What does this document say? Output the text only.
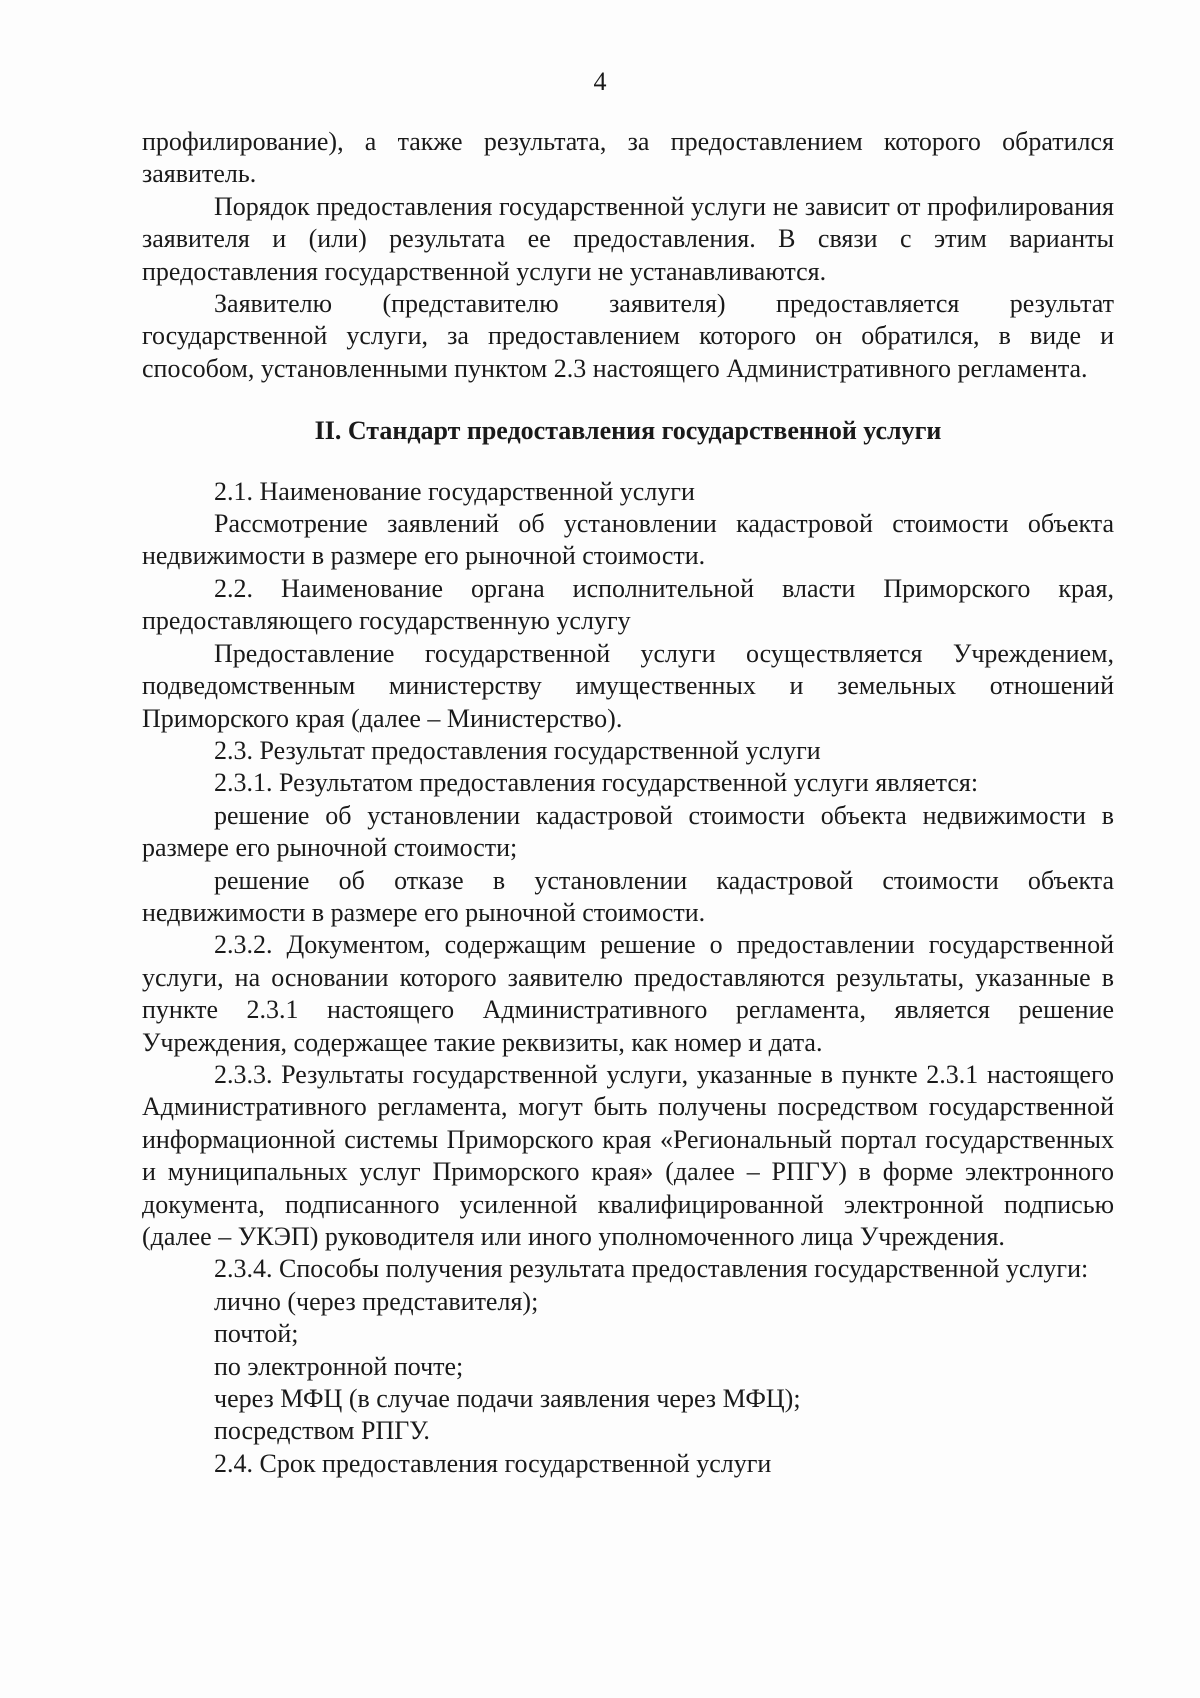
4

профилирование), а также результата, за предоставлением которого обратился заявитель.

Порядок предоставления государственной услуги не зависит от профилирования заявителя и (или) результата ее предоставления. В связи с этим варианты предоставления государственной услуги не устанавливаются.

Заявителю (представителю заявителя) предоставляется результат государственной услуги, за предоставлением которого он обратился, в виде и способом, установленными пунктом 2.3 настоящего Административного регламента.

II. Стандарт предоставления государственной услуги

2.1. Наименование государственной услуги

Рассмотрение заявлений об установлении кадастровой стоимости объекта недвижимости в размере его рыночной стоимости.

2.2. Наименование органа исполнительной власти Приморского края, предоставляющего государственную услугу

Предоставление государственной услуги осуществляется Учреждением, подведомственным министерству имущественных и земельных отношений Приморского края (далее – Министерство).

2.3. Результат предоставления государственной услуги

2.3.1. Результатом предоставления государственной услуги является:

решение об установлении кадастровой стоимости объекта недвижимости в размере его рыночной стоимости;

решение об отказе в установлении кадастровой стоимости объекта недвижимости в размере его рыночной стоимости.

2.3.2. Документом, содержащим решение о предоставлении государственной услуги, на основании которого заявителю предоставляются результаты, указанные в пункте 2.3.1 настоящего Административного регламента, является решение Учреждения, содержащее такие реквизиты, как номер и дата.

2.3.3. Результаты государственной услуги, указанные в пункте 2.3.1 настоящего Административного регламента, могут быть получены посредством государственной информационной системы Приморского края «Региональный портал государственных и муниципальных услуг Приморского края» (далее – РПГУ) в форме электронного документа, подписанного усиленной квалифицированной электронной подписью (далее – УКЭП) руководителя или иного уполномоченного лица Учреждения.

2.3.4. Способы получения результата предоставления государственной услуги:

лично (через представителя);

почтой;

по электронной почте;

через МФЦ (в случае подачи заявления через МФЦ);

посредством РПГУ.

2.4. Срок предоставления государственной услуги
